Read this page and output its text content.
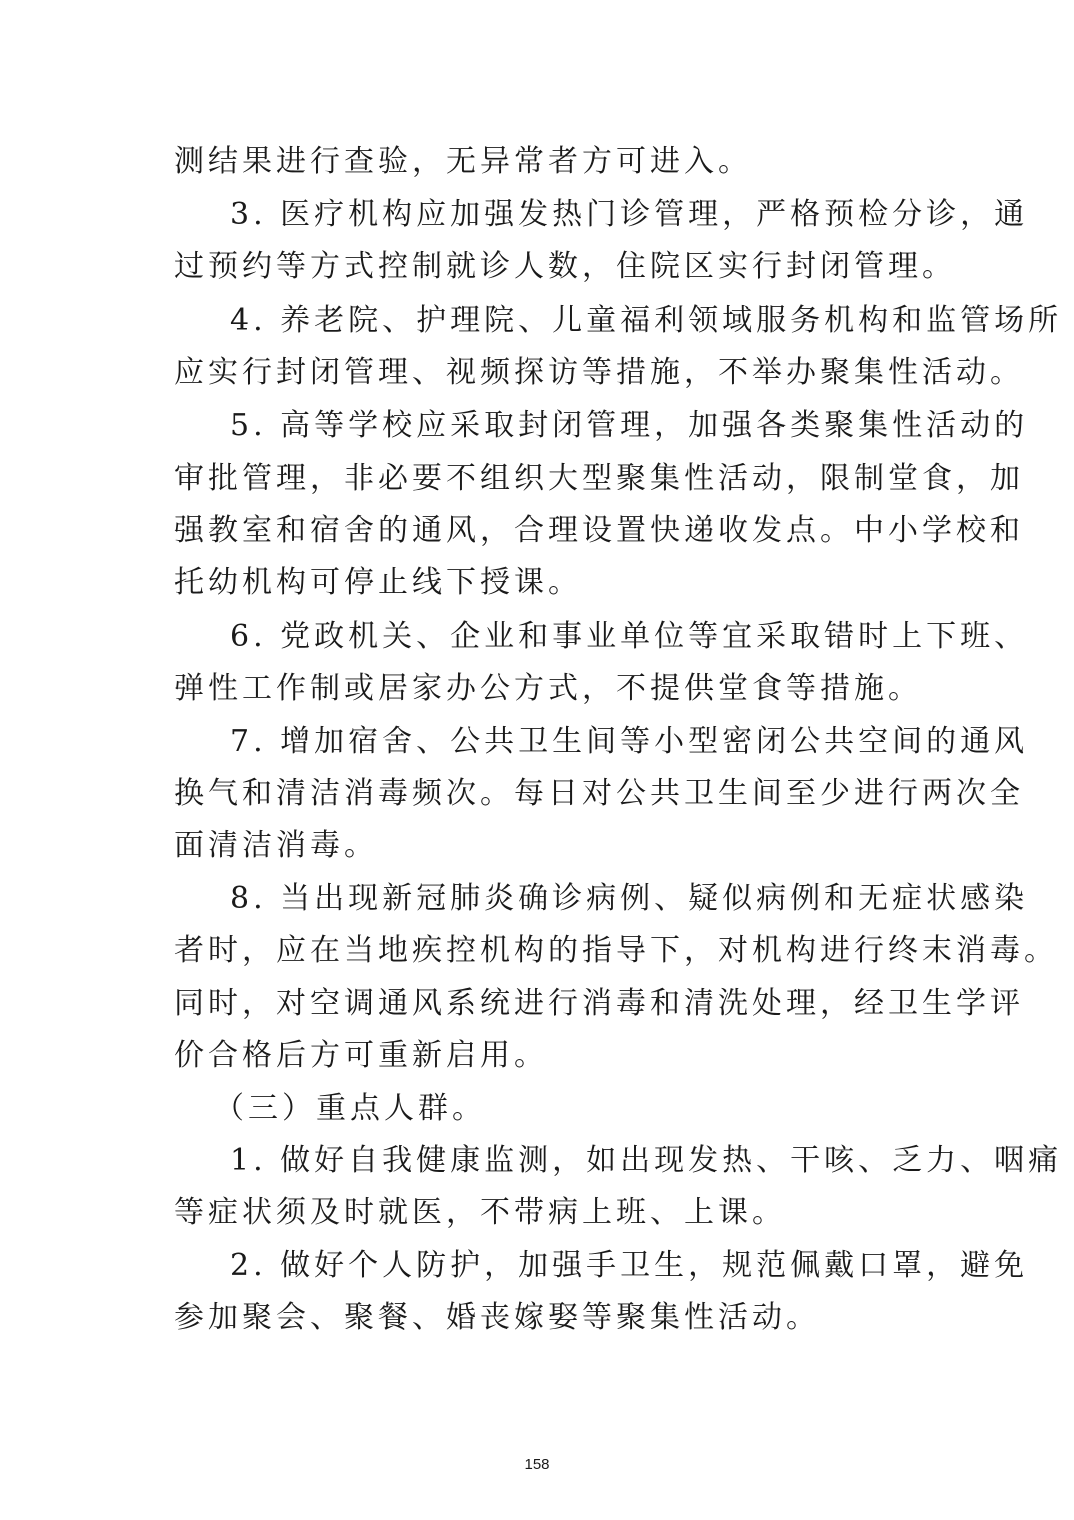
测结果进行查验，无异常者方可进入。
3. 医疗机构应加强发热门诊管理，严格预检分诊，通
过预约等方式控制就诊人数，住院区实行封闭管理。
4. 养老院、护理院、儿童福利领域服务机构和监管场所
应实行封闭管理、视频探访等措施，不举办聚集性活动。
5. 高等学校应采取封闭管理，加强各类聚集性活动的
审批管理，非必要不组织大型聚集性活动，限制堂食，加
强教室和宿舍的通风，合理设置快递收发点。中小学校和
托幼机构可停止线下授课。
6. 党政机关、企业和事业单位等宜采取错时上下班、
弹性工作制或居家办公方式，不提供堂食等措施。
7. 增加宿舍、公共卫生间等小型密闭公共空间的通风
换气和清洁消毒频次。每日对公共卫生间至少进行两次全
面清洁消毒。
8. 当出现新冠肺炎确诊病例、疑似病例和无症状感染
者时，应在当地疾控机构的指导下，对机构进行终末消毒。
同时，对空调通风系统进行消毒和清洗处理，经卫生学评
价合格后方可重新启用。
（三）重点人群。
1. 做好自我健康监测，如出现发热、干咳、乏力、咽痛
等症状须及时就医，不带病上班、上课。
2. 做好个人防护，加强手卫生，规范佩戴口罩，避免
参加聚会、聚餐、婚丧嫁娶等聚集性活动。
158
